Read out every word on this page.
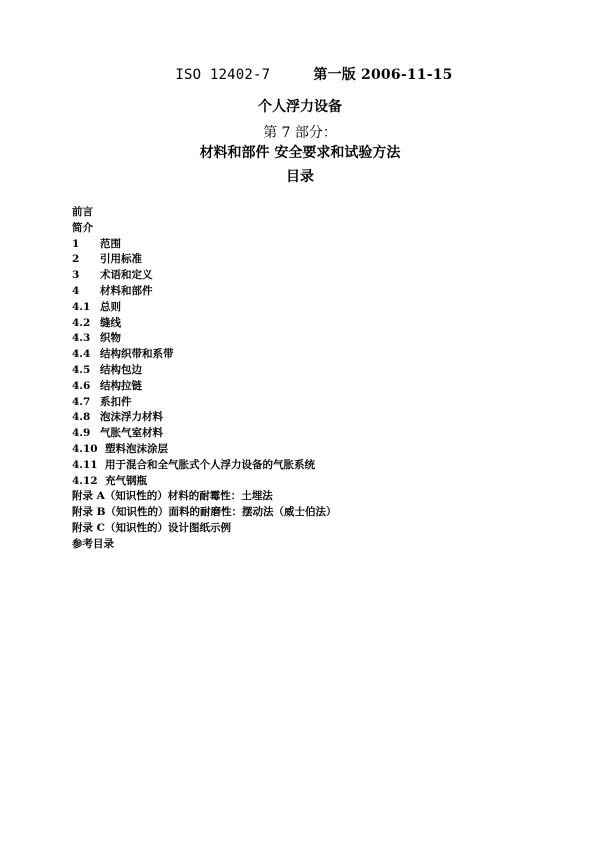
ISO 12402-7	第一版 2006-11-15
个人浮力设备
第 7 部分：
材料和部件 安全要求和试验方法
目录
前言
简介
1 范围
2 引用标准
3 术语和定义
4 材料和部件
4.1 总则
4.2 缝线
4.3 织物
4.4 结构织带和系带
4.5 结构包边
4.6 结构拉链
4.7 系扣件
4.8 泡沫浮力材料
4.9 气胀气室材料
4.10 塑料泡沫涂层
4.11 用于混合和全气胀式个人浮力设备的气胀系统
4.12 充气钢瓶
附录 A（知识性的）材料的耐霉性：土埋法
附录 B（知识性的）面料的耐磨性：摆动法（威士伯法）
附录 C（知识性的）设计图纸示例
参考目录
